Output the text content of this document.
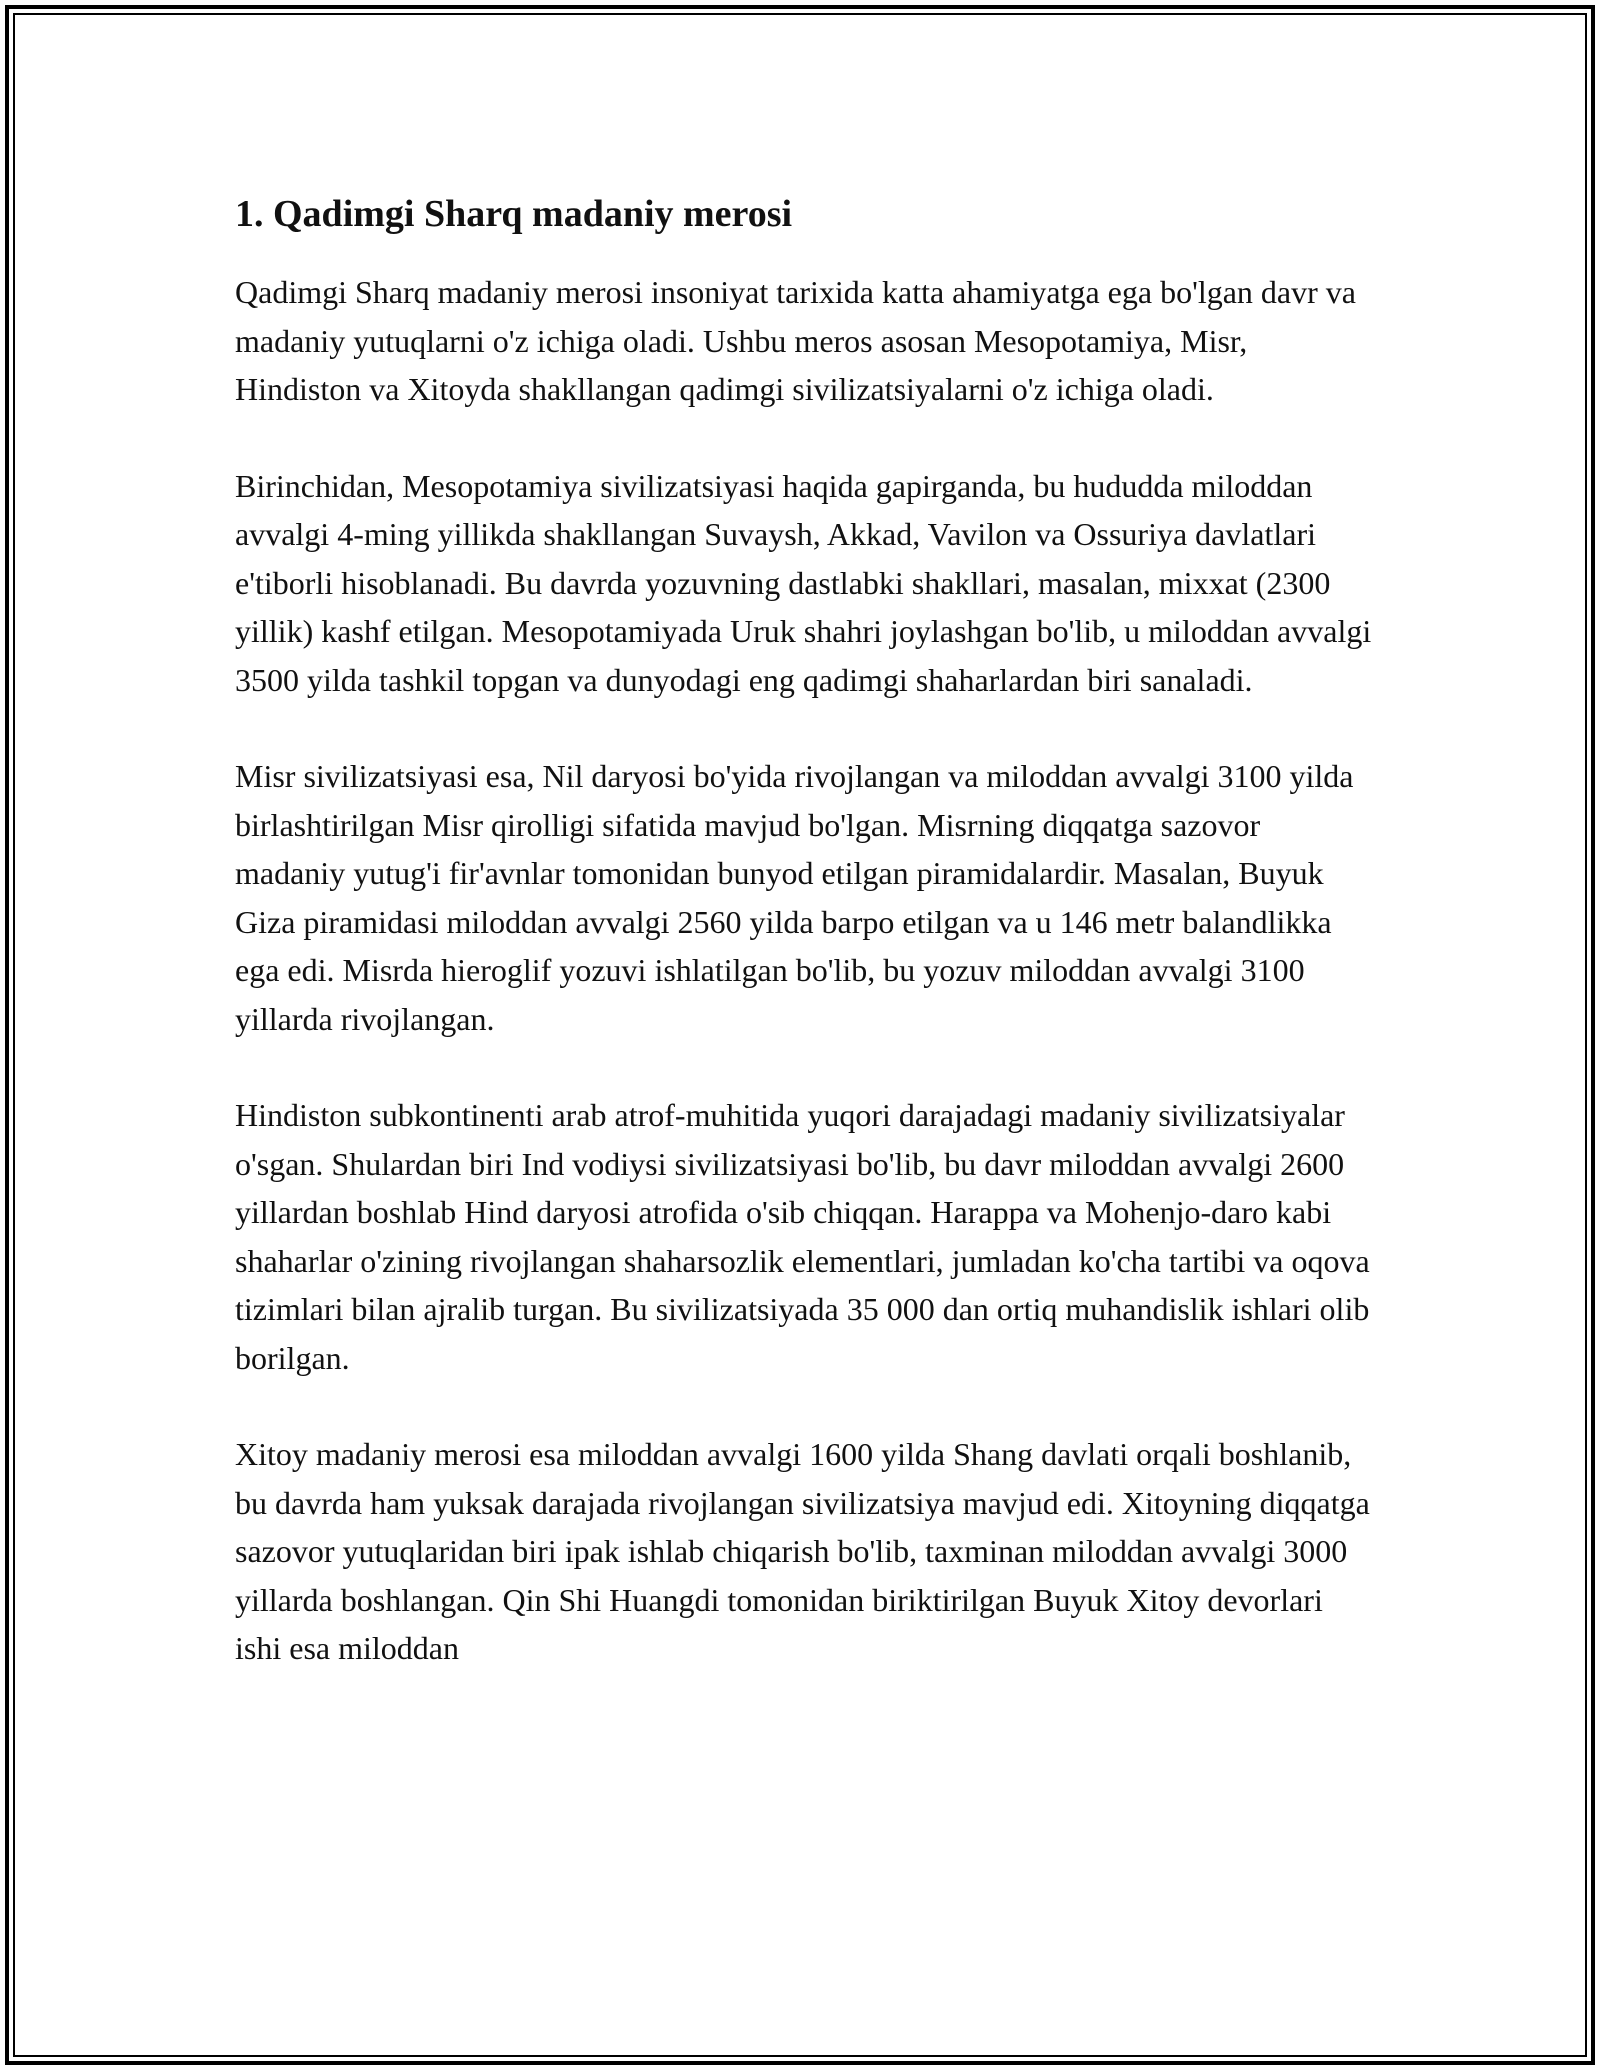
1. Qadimgi Sharq madaniy merosi

Qadimgi Sharq madaniy merosi insoniyat tarixida katta ahamiyatga ega bo'lgan davr va madaniy yutuqlarni o'z ichiga oladi. Ushbu meros asosan Mesopotamiya, Misr, Hindiston va Xitoyda shakllangan qadimgi sivilizatsiyalarni o'z ichiga oladi.

Birinchidan, Mesopotamiya sivilizatsiyasi haqida gapirganda, bu hududda miloddan avvalgi 4-ming yillikda shakllangan Suvaysh, Akkad, Vavilon va Ossuriya davlatlari e'tiborli hisoblanadi. Bu davrda yozuvning dastlabki shakllari, masalan, mixxat (2300 yillik) kashf etilgan. Mesopotamiyada Uruk shahri joylashgan bo'lib, u miloddan avvalgi 3500 yilda tashkil topgan va dunyodagi eng qadimgi shaharlardan biri sanaladi.

Misr sivilizatsiyasi esa, Nil daryosi bo'yida rivojlangan va miloddan avvalgi 3100 yilda birlashtirilgan Misr qirolligi sifatida mavjud bo'lgan. Misrning diqqatga sazovor madaniy yutug'i fir'avnlar tomonidan bunyod etilgan piramidalardir. Masalan, Buyuk Giza piramidasi miloddan avvalgi 2560 yilda barpo etilgan va u 146 metr balandlikka ega edi. Misrda hieroglif yozuvi ishlatilgan bo'lib, bu yozuv miloddan avvalgi 3100 yillarda rivojlangan.

Hindiston subkontinenti arab atrof-muhitida yuqori darajadagi madaniy sivilizatsiyalar o'sgan. Shulardan biri Ind vodiysi sivilizatsiyasi bo'lib, bu davr miloddan avvalgi 2600 yillardan boshlab Hind daryosi atrofida o'sib chiqqan. Harappa va Mohenjo-daro kabi shaharlar o'zining rivojlangan shaharsozlik elementlari, jumladan ko'cha tartibi va oqova tizimlari bilan ajralib turgan. Bu sivilizatsiyada 35 000 dan ortiq muhandislik ishlari olib borilgan.

Xitoy madaniy merosi esa miloddan avvalgi 1600 yilda Shang davlati orqali boshlanib, bu davrda ham yuksak darajada rivojlangan sivilizatsiya mavjud edi. Xitoyning diqqatga sazovor yutuqlaridan biri ipak ishlab chiqarish bo'lib, taxminan miloddan avvalgi 3000 yillarda boshlangan. Qin Shi Huangdi tomonidan biriktirilgan Buyuk Xitoy devorlari ishi esa miloddan
